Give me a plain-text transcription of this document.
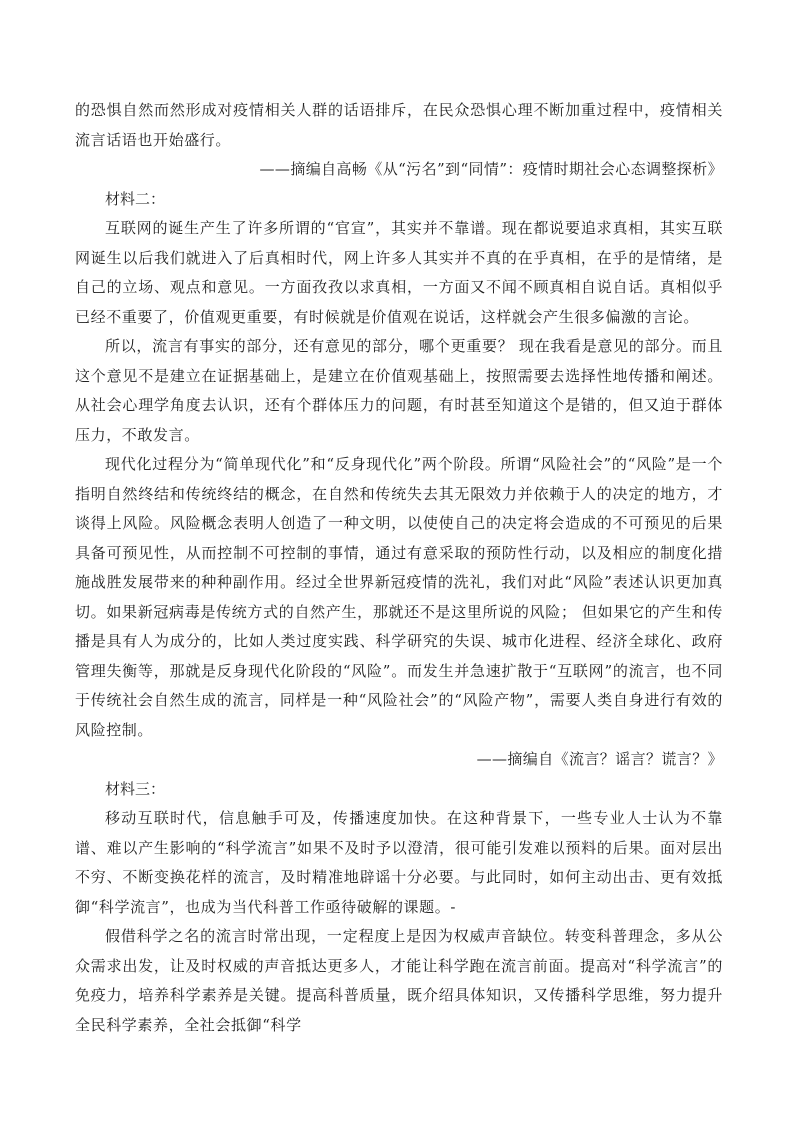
的恐惧自然而然形成对疫情相关人群的话语排斥，在民众恐惧心理不断加重过程中，疫情相关流言话语也开始盛行。

——摘编自高畅《从“污名”到“同情”：疫情时期社会心态调整探析》

材料二：

互联网的诞生产生了许多所谓的“官宣”，其实并不靠谱。现在都说要追求真相，其实互联网诞生以后我们就进入了后真相时代，网上许多人其实并不真的在乎真相，在乎的是情绪，是自己的立场、观点和意见。一方面孜孜以求真相，一方面又不闻不顾真相自说自话。真相似乎已经不重要了，价值观更重要，有时候就是价值观在说话，这样就会产生很多偏激的言论。

所以，流言有事实的部分，还有意见的部分，哪个更重要？ 现在我看是意见的部分。而且这个意见不是建立在证据基础上，是建立在价值观基础上，按照需要去选择性地传播和阐述。从社会心理学角度去认识，还有个群体压力的问题，有时甚至知道这个是错的，但又迫于群体压力，不敢发言。

现代化过程分为“简单现代化”和“反身现代化”两个阶段。所谓“风险社会”的“风险”是一个指明自然终结和传统终结的概念，在自然和传统失去其无限效力并依赖于人的决定的地方，才谈得上风险。风险概念表明人创造了一种文明，以使使自己的决定将会造成的不可预见的后果具备可预见性，从而控制不可控制的事情，通过有意采取的预防性行动，以及相应的制度化措施战胜发展带来的种种副作用。经过全世界新冠疫情的洗礼，我们对此“风险”表述认识更加真切。如果新冠病毒是传统方式的自然产生，那就还不是这里所说的风险； 但如果它的产生和传播是具有人为成分的，比如人类过度实践、科学研究的失误、城市化进程、经济全球化、政府管理失衡等，那就是反身现代化阶段的“风险”。而发生并急速扩散于“互联网”的流言，也不同于传统社会自然生成的流言，同样是一种“风险社会”的“风险产物”，需要人类自身进行有效的风险控制。

——摘编自《流言？谣言？谎言？》

材料三：

移动互联时代，信息触手可及，传播速度加快。在这种背景下，一些专业人士认为不靠谱、难以产生影响的“科学流言”如果不及时予以澄清，很可能引发难以预料的后果。面对层出不穷、不断变换花样的流言，及时精准地辟谣十分必要。与此同时，如何主动出击、更有效抵御“科学流言”，也成为当代科普工作亟待破解的课题。-

假借科学之名的流言时常出现，一定程度上是因为权威声音缺位。转变科普理念，多从公众需求出发，让及时权威的声音抵达更多人，才能让科学跑在流言前面。提高对“科学流言”的免疫力，培养科学素养是关键。提高科普质量，既介绍具体知识，又传播科学思维，努力提升全民科学素养，全社会抵御“科学
